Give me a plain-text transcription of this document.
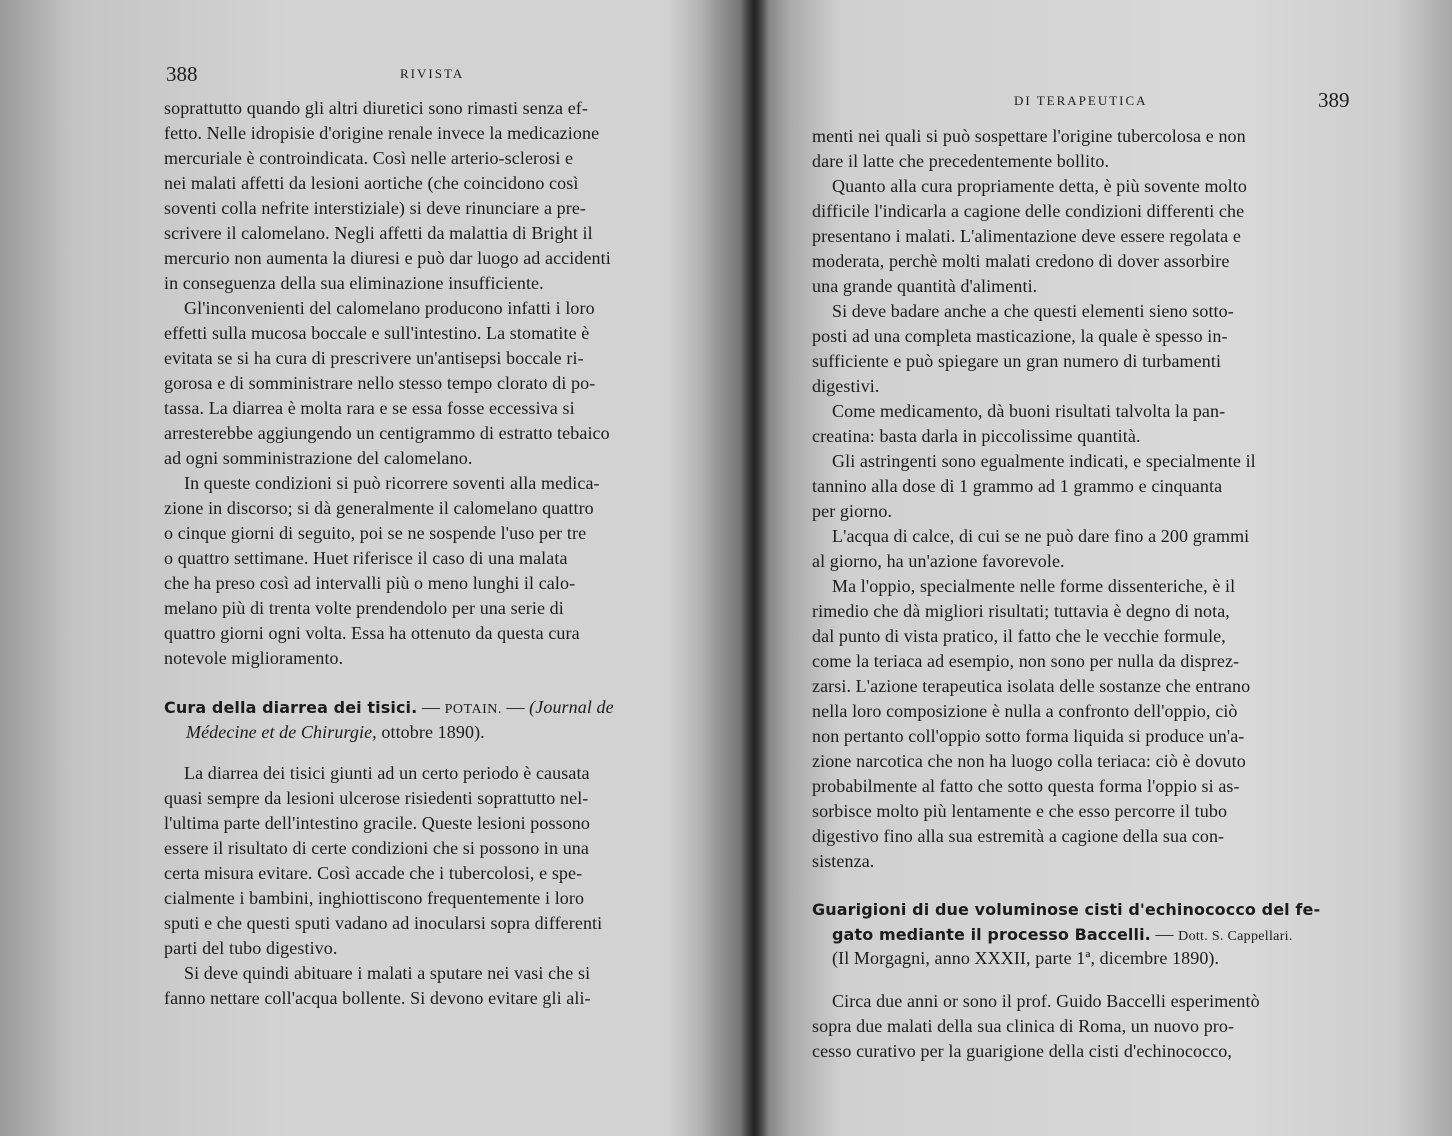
388	RIVISTA
soprattutto quando gli altri diuretici sono rimasti senza ef-
fetto. Nelle idropisie d'origine renale invece la medicazione
mercuriale è controindicata. Così nelle arterio-sclerosi e
nei malati affetti da lesioni aortiche (che coincidono così
soventi colla nefrite interstiziale) si deve rinunciare a pre-
scrivere il calomelano. Negli affetti da malattia di Bright il
mercurio non aumenta la diuresi e può dar luogo ad accidenti
in conseguenza della sua eliminazione insufficiente.
Gl'inconvenienti del calomelano producono infatti i loro
effetti sulla mucosa boccale e sull'intestino. La stomatite è
evitata se si ha cura di prescrivere un'antisepsi boccale ri-
gorosa e di somministrare nello stesso tempo clorato di po-
tassa. La diarrea è molta rara e se essa fosse eccessiva si
arresterebbe aggiungendo un centigrammo di estratto tebaico
ad ogni somministrazione del calomelano.
In queste condizioni si può ricorrere soventi alla medica-
zione in discorso; si dà generalmente il calomelano quattro
o cinque giorni di seguito, poi se ne sospende l'uso per tre
o quattro settimane. Huet riferisce il caso di una malata
che ha preso così ad intervalli più o meno lunghi il calo-
melano più di trenta volte prendendolo per una serie di
quattro giorni ogni volta. Essa ha ottenuto da questa cura
notevole miglioramento.
Cura della diarrea dei tisici. — POTAIN. — (Journal de
Médecine et de Chirurgie, ottobre 1890).
La diarrea dei tisici giunti ad un certo periodo è causata
quasi sempre da lesioni ulcerose risiedenti soprattutto nel-
l'ultima parte dell'intestino gracile. Queste lesioni possono
essere il risultato di certe condizioni che si possono in una
certa misura evitare. Così accade che i tubercolosi, e spe-
cialmente i bambini, inghiottiscono frequentemente i loro
sputi e che questi sputi vadano ad inocularsi sopra differenti
parti del tubo digestivo.
Si deve quindi abituare i malati a sputare nei vasi che si
fanno nettare coll'acqua bollente. Si devono evitare gli ali-
DI TERAPEUTICA	389
menti nei quali si può sospettare l'origine tubercolosa e non
dare il latte che precedentemente bollito.
Quanto alla cura propriamente detta, è più sovente molto
difficile l'indicarla a cagione delle condizioni differenti che
presentano i malati. L'alimentazione deve essere regolata e
moderata, perchè molti malati credono di dover assorbire
una grande quantità d'alimenti.
Si deve badare anche a che questi elementi sieno sotto-
posti ad una completa masticazione, la quale è spesso in-
sufficiente e può spiegare un gran numero di turbamenti
digestivi.
Come medicamento, dà buoni risultati talvolta la pan-
creatina: basta darla in piccolissime quantità.
Gli astringenti sono egualmente indicati, e specialmente il
tannino alla dose di 1 grammo ad 1 grammo e cinquanta
per giorno.
L'acqua di calce, di cui se ne può dare fino a 200 grammi
al giorno, ha un'azione favorevole.
Ma l'oppio, specialmente nelle forme dissenteriche, è il
rimedio che dà migliori risultati; tuttavia è degno di nota,
dal punto di vista pratico, il fatto che le vecchie formule,
come la teriaca ad esempio, non sono per nulla da disprez-
zarsi. L'azione terapeutica isolata delle sostanze che entrano
nella loro composizione è nulla a confronto dell'oppio, ciò
non pertanto coll'oppio sotto forma liquida si produce un'a-
zione narcotica che non ha luogo colla teriaca: ciò è dovuto
probabilmente al fatto che sotto questa forma l'oppio si as-
sorbisce molto più lentamente e che esso percorre il tubo
digestivo fino alla sua estremità a cagione della sua con-
sistenza.
Guarigioni di due voluminose cisti d'echinococco del fe-
gato mediante il processo Baccelli. — Dott. S. Cappellari.
(Il Morgagni, anno XXXII, parte 1ª, dicembre 1890).
Circa due anni or sono il prof. Guido Baccelli esperimentò
sopra due malati della sua clinica di Roma, un nuovo pro-
cesso curativo per la guarigione della cisti d'echinococco,
